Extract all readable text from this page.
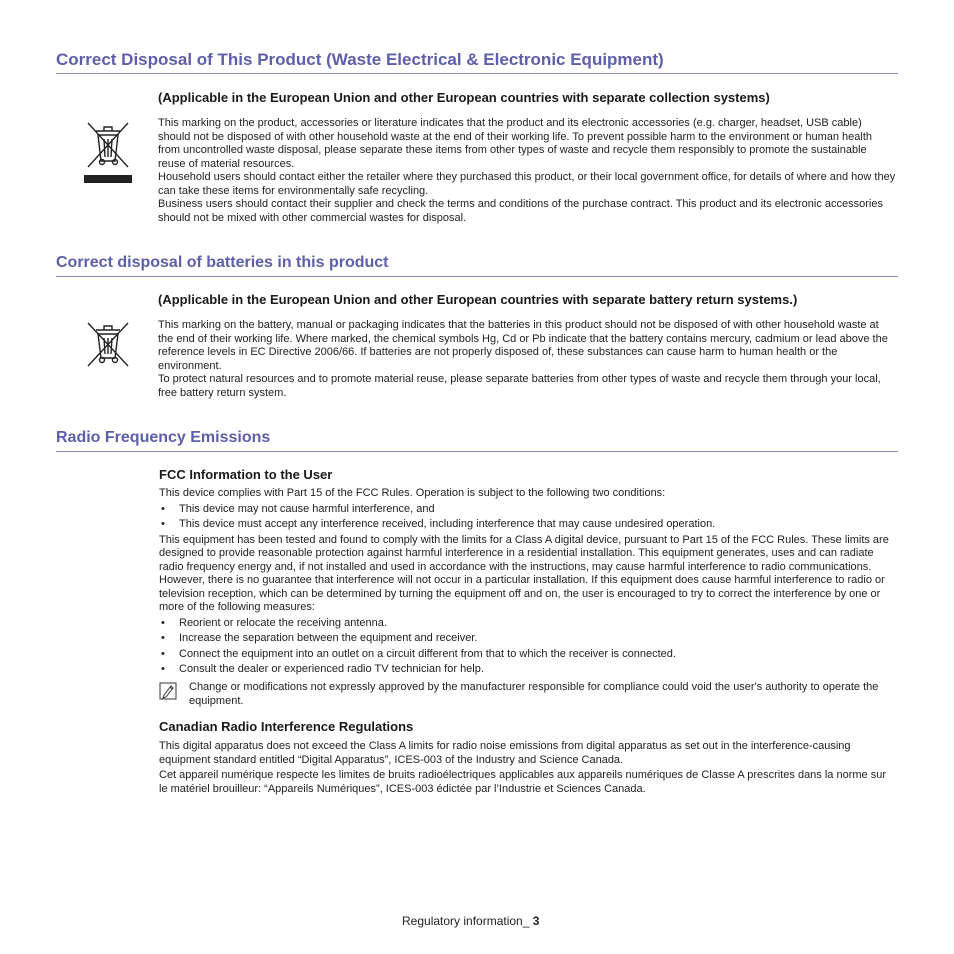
Correct Disposal of This Product (Waste Electrical & Electronic Equipment)
(Applicable in the European Union and other European countries with separate collection systems)

This marking on the product, accessories or literature indicates that the product and its electronic accessories (e.g. charger, headset, USB cable) should not be disposed of with other household waste at the end of their working life. To prevent possible harm to the environment or human health from uncontrolled waste disposal, please separate these items from other types of waste and recycle them responsibly to promote the sustainable reuse of material resources.

Household users should contact either the retailer where they purchased this product, or their local government office, for details of where and how they can take these items for environmentally safe recycling.

Business users should contact their supplier and check the terms and conditions of the purchase contract. This product and its electronic accessories should not be mixed with other commercial wastes for disposal.

Correct disposal of batteries in this product
(Applicable in the European Union and other European countries with separate battery return systems.)

This marking on the battery, manual or packaging indicates that the batteries in this product should not be disposed of with other household waste at the end of their working life. Where marked, the chemical symbols Hg, Cd or Pb indicate that the battery contains mercury, cadmium or lead above the reference levels in EC Directive 2006/66. If batteries are not properly disposed of, these substances can cause harm to human health or the environment.

To protect natural resources and to promote material reuse, please separate batteries from other types of waste and recycle them through your local, free battery return system.

Radio Frequency Emissions
FCC Information to the User

This device complies with Part 15 of the FCC Rules. Operation is subject to the following two conditions:

• This device may not cause harmful interference, and

• This device must accept any interference received, including interference that may cause undesired operation.

This equipment has been tested and found to comply with the limits for a Class A digital device, pursuant to Part 15 of the FCC Rules. These limits are designed to provide reasonable protection against harmful interference in a residential installation. This equipment generates, uses and can radiate radio frequency energy and, if not installed and used in accordance with the instructions, may cause harmful interference to radio communications. However, there is no guarantee that interference will not occur in a particular installation. If this equipment does cause harmful interference to radio or television reception, which can be determined by turning the equipment off and on, the user is encouraged to try to correct the interference by one or more of the following measures:

• Reorient or relocate the receiving antenna.

• Increase the separation between the equipment and receiver.

• Connect the equipment into an outlet on a circuit different from that to which the receiver is connected.

• Consult the dealer or experienced radio TV technician for help.

Change or modifications not expressly approved by the manufacturer responsible for compliance could void the user's authority to operate the equipment.
Canadian Radio Interference Regulations

This digital apparatus does not exceed the Class A limits for radio noise emissions from digital apparatus as set out in the interference-causing equipment standard entitled “Digital Apparatus”, ICES-003 of the Industry and Science Canada.

Cet appareil numérique respecte les limites de bruits radioélectriques applicables aux appareils numériques de Classe A prescrites dans la norme sur le matériel brouilleur: “Appareils Numériques”, ICES-003 édictée par l’Industrie et Sciences Canada.

Regulatory information_ 3
